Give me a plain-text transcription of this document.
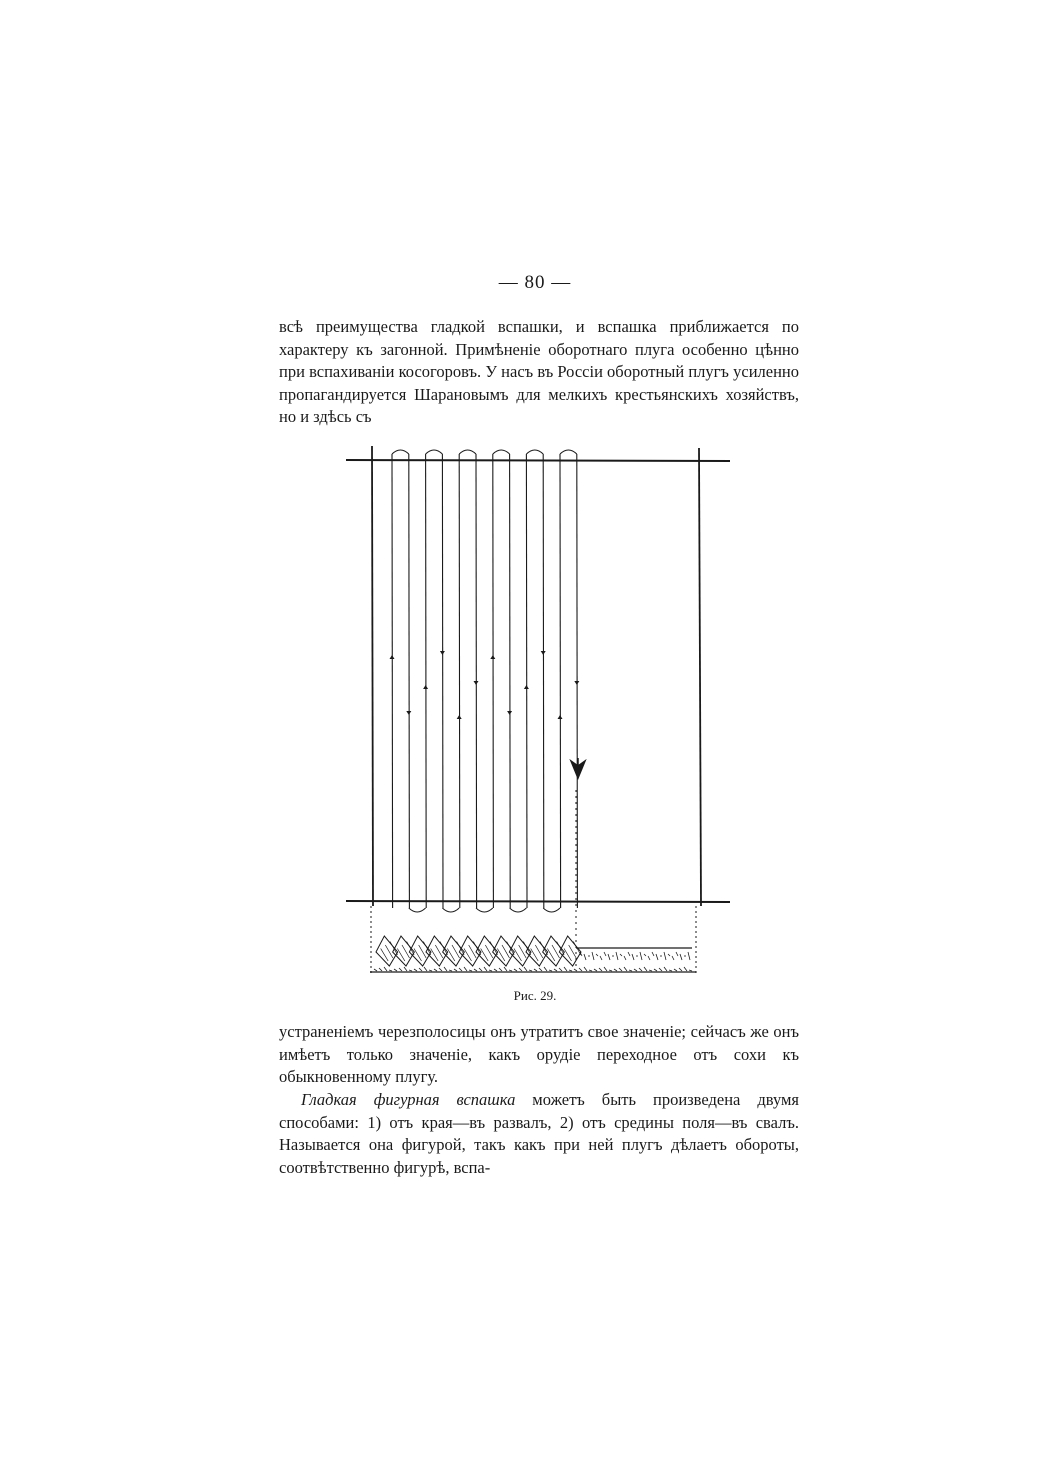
— 80 —
всѣ преимущества гладкой вспашки, и вспашка приближается по характеру къ загонной. Примѣненіе оборотнаго плуга особенно цѣнно при вспахиваніи косогоровъ. У насъ въ Россіи оборотный плугъ усиленно пропагандируется Шарановымъ для мелкихъ крестьянскихъ хозяйствъ, но и здѣсь съ
Рис. 29.
устраненіемъ черезполосицы онъ утратитъ свое значеніе; сейчасъ же онъ имѣетъ только значеніе, какъ орудіе переходное отъ сохи къ обыкновенному плугу.
Гладкая фигурная вспашка можетъ быть произведена двумя способами: 1) отъ края—въ развалъ, 2) отъ средины поля—въ свалъ. Называется она фигурой, такъ какъ при ней плугъ дѣлаетъ обороты, соотвѣтственно фигурѣ, вспа-
